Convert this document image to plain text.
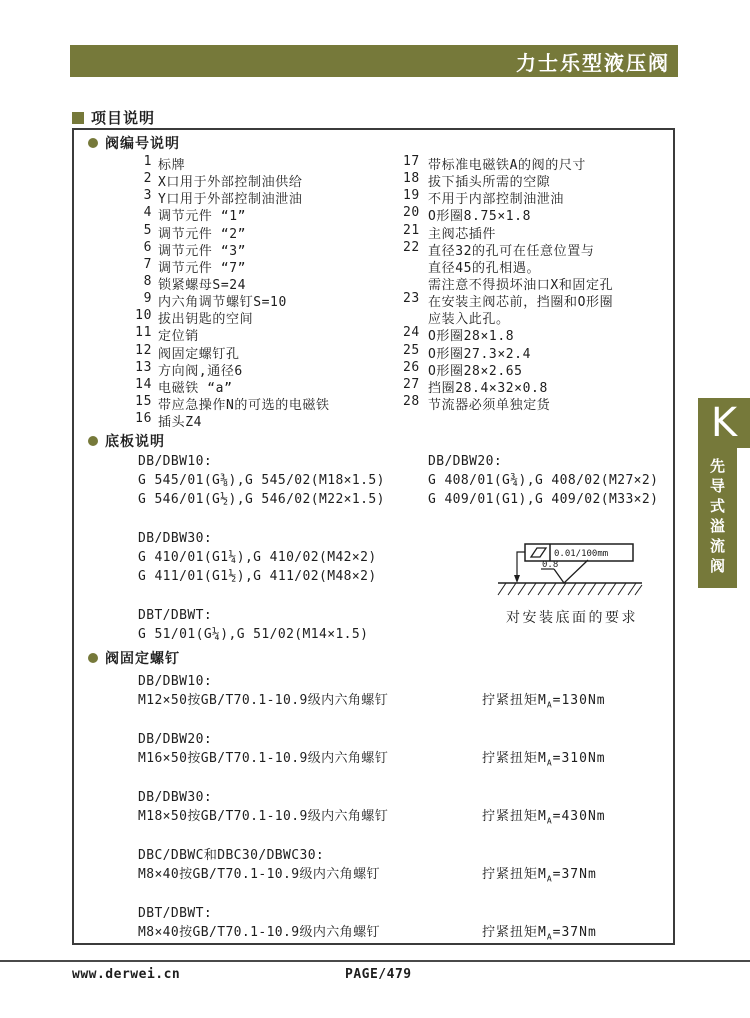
力士乐型液压阀
项目说明
阀编号说明
1 标牌
2 X口用于外部控制油供给
3 Y口用于外部控制油泄油
4 调节元件 “1”
5 调节元件 “2”
6 调节元件 “3”
7 调节元件 “7”
8 锁紧螺母S=24
9 内六角调节螺钉S=10
10 拔出钥匙的空间
11 定位销
12 阀固定螺钉孔
13 方向阀,通径6
14 电磁铁 “a”
15 带应急操作N的可选的电磁铁
16 插头Z4
17 带标准电磁铁A的阀的尺寸
18 拔下插头所需的空隙
19 不用于内部控制油泄油
20 O形圈8.75×1.8
21 主阀芯插件
22 直径32的孔可在任意位置与
直径45的孔相遇。
需注意不得损坏油口X和固定孔
23 在安装主阀芯前，挡圈和O形圈
应装入此孔。
24 O形圈28×1.8
25 O形圈27.3×2.4
26 O形圈28×2.65
27 挡圈28.4×32×0.8
28 节流器必须单独定货
底板说明
DB/DBW10:
G 545/01(G⅜),G 545/02(M18×1.5)
G 546/01(G½),G 546/02(M22×1.5)
DB/DBW30:
G 410/01(G1¼),G 410/02(M42×2)
G 411/01(G1½),G 411/02(M48×2)
DBT/DBWT:
G 51/01(G¼),G 51/02(M14×1.5)
DB/DBW20:
G 408/01(G¾),G 408/02(M27×2)
G 409/01(G1),G 409/02(M33×2)
0.01/100mm
0.8
对安装底面的要求
阀固定螺钉
DB/DBW10:
M12×50按GB/T70.1-10.9级内六角螺钉	拧紧扭矩$M_A=130Nm$
DB/DBW20:
M16×50按GB/T70.1-10.9级内六角螺钉	拧紧扭矩$M_A=310Nm$
DB/DBW30:
M18×50按GB/T70.1-10.9级内六角螺钉	拧紧扭矩$M_A=430Nm$
DBC/DBWC和DBC30/DBWC30:
M8×40按GB/T70.1-10.9级内六角螺钉	拧紧扭矩$M_A=37Nm$
DBT/DBWT:
M8×40按GB/T70.1-10.9级内六角螺钉	拧紧扭矩$M_A=37Nm$
K
先导式溢流阀
www.derwei.cn	PAGE/479
